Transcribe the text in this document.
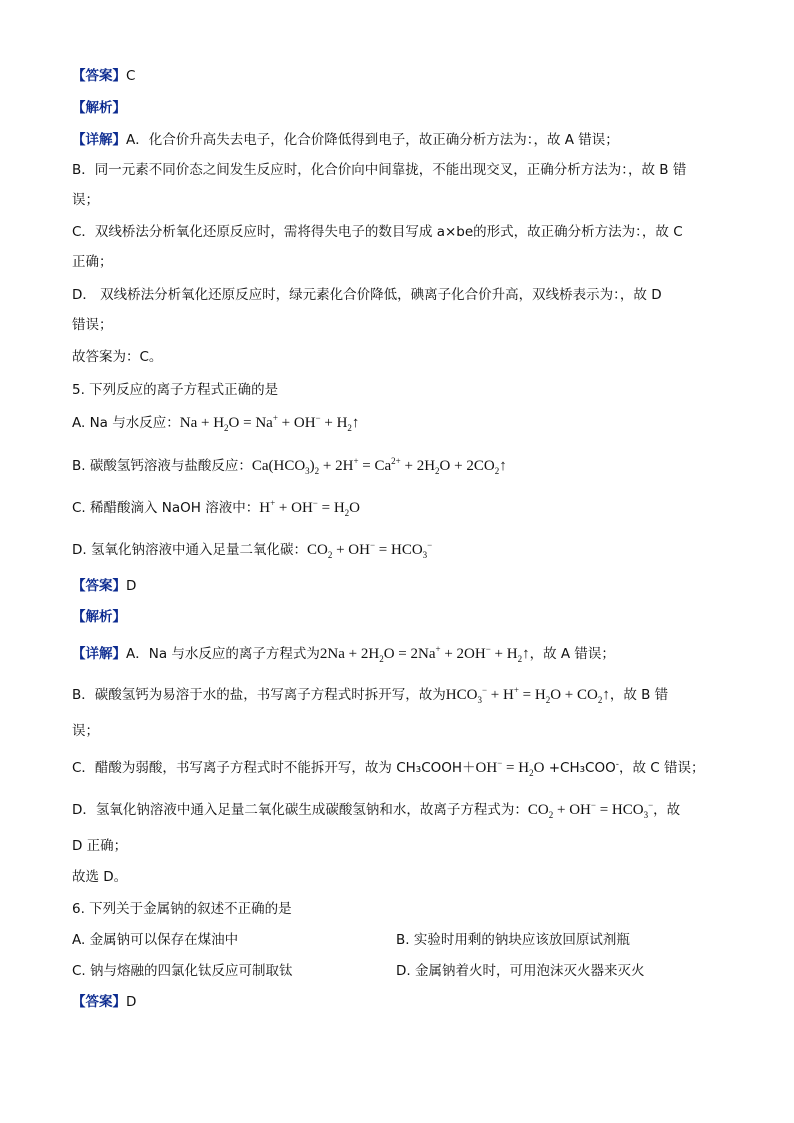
【答案】C
【解析】
【详解】A．化合价升高失去电子，化合价降低得到电子，故正确分析方法为：，故 A 错误；
B．同一元素不同价态之间发生反应时，化合价向中间靠拢，不能出现交叉，正确分析方法为：，故 B 错
误；
C．双线桥法分析氧化还原反应时，需将得失电子的数目写成 a×be的形式，故正确分析方法为：，故 C
正确；
D． 双线桥法分析氧化还原反应时，绿元素化合价降低，碘离子化合价升高，双线桥表示为：，故 D
错误；
故答案为：C。
5. 下列反应的离子方程式正确的是
A. Na 与水反应：$Na + H_2O = Na^+ + OH^-$ + $H_2↑$
B. 碳酸氢钙溶液与盐酸反应：$Ca(HCO_3)_2 + 2H^+ = Ca^{2+} + 2H_2O$ + $2CO_2↑$
C. 稀醋酸滴入 NaOH 溶液中：$H^+ + OH^- = H_2O$
D. 氢氧化钠溶液中通入足量二氧化碳：$CO_2 + OH^- = HCO_3^-$
【答案】D
【解析】
【详解】A．Na 与水反应的离子方程式为$2Na + 2H_2O = 2Na^+ + 2OH^-$ + $H_2↑$，故 A 错误；
B．碳酸氢钙为易溶于水的盐，书写离子方程式时拆开写，故为$HCO_3^- + H^+ = H_2O$ + $CO_2↑$，故 B 错
误；
C．醋酸为弱酸，书写离子方程式时不能拆开写，故为 CH₃COOH＋OH− = $H_2O +CH_3COO^-$，故 C 错误；
D．氢氧化钠溶液中通入足量二氧化碳生成碳酸氢钠和水，故离子方程式为：$CO_2 + OH^- = HCO_3^-$，故
D 正确；
故选 D。
6. 下列关于金属钠的叙述不正确的是
A. 金属钠可以保存在煤油中	B. 实验时用剩的钠块应该放回原试剂瓶
C. 钠与熔融的四氯化钛反应可制取钛	D. 金属钠着火时，可用泡沫灭火器来灭火
【答案】D
